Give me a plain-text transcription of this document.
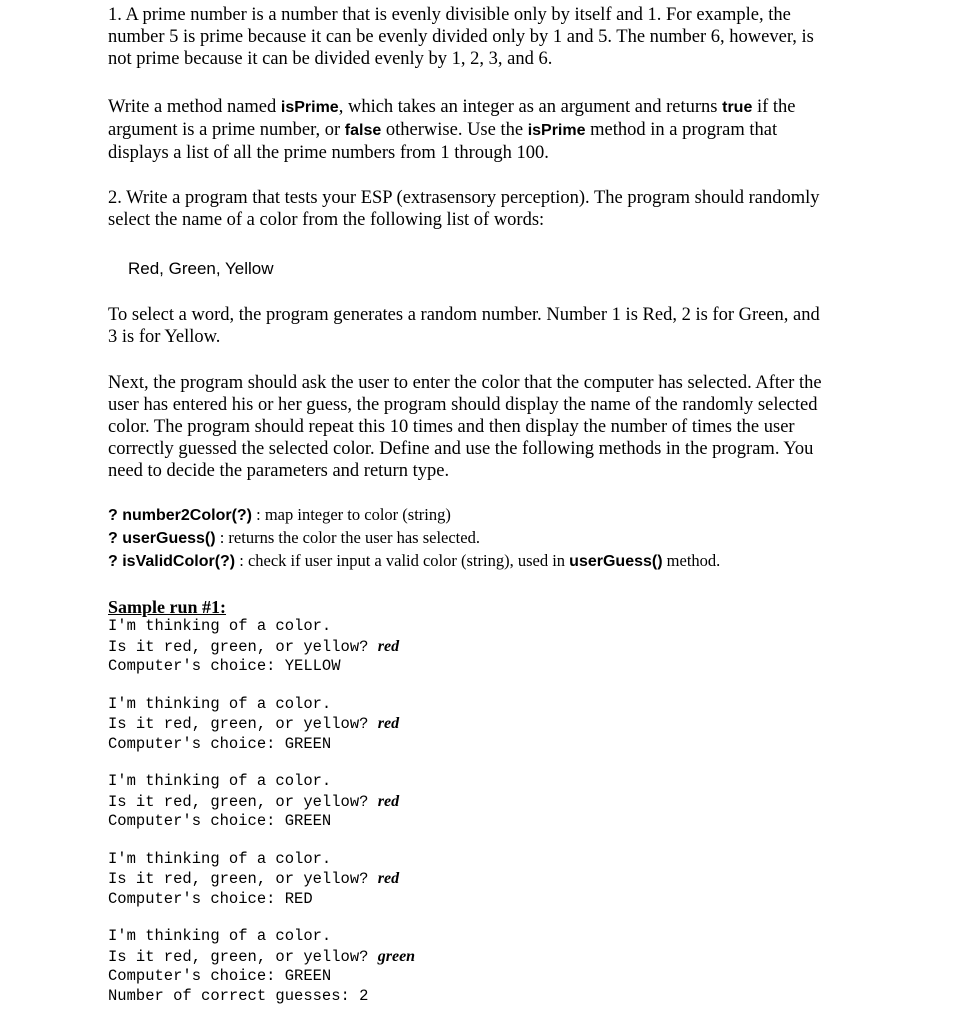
1. A prime number is a number that is evenly divisible only by itself and 1. For example, the
number 5 is prime because it can be evenly divided only by 1 and 5. The number 6, however, is
not prime because it can be divided evenly by 1, 2, 3, and 6.

Write a method named isPrime, which takes an integer as an argument and returns true if the
argument is a prime number, or false otherwise. Use the isPrime method in a program that
displays a list of all the prime numbers from 1 through 100.

2. Write a program that tests your ESP (extrasensory perception). The program should randomly
select the name of a color from the following list of words:

Red, Green, Yellow

To select a word, the program generates a random number. Number 1 is Red, 2 is for Green, and
3 is for Yellow.

Next, the program should ask the user to enter the color that the computer has selected. After the
user has entered his or her guess, the program should display the name of the randomly selected
color. The program should repeat this 10 times and then display the number of times the user
correctly guessed the selected color. Define and use the following methods in the program. You
need to decide the parameters and return type.

? number2Color(?) : map integer to color (string)
? userGuess() : returns the color the user has selected.
? isValidColor(?) : check if user input a valid color (string), used in userGuess() method.
Sample run #1:
I'm thinking of a color.
Is it red, green, or yellow? red
Computer's choice: YELLOW
I'm thinking of a color.
Is it red, green, or yellow? red
Computer's choice: GREEN
I'm thinking of a color.
Is it red, green, or yellow? red
Computer's choice: GREEN
I'm thinking of a color.
Is it red, green, or yellow? red
Computer's choice: RED
I'm thinking of a color.
Is it red, green, or yellow? green
Computer's choice: GREEN
Number of correct guesses: 2
